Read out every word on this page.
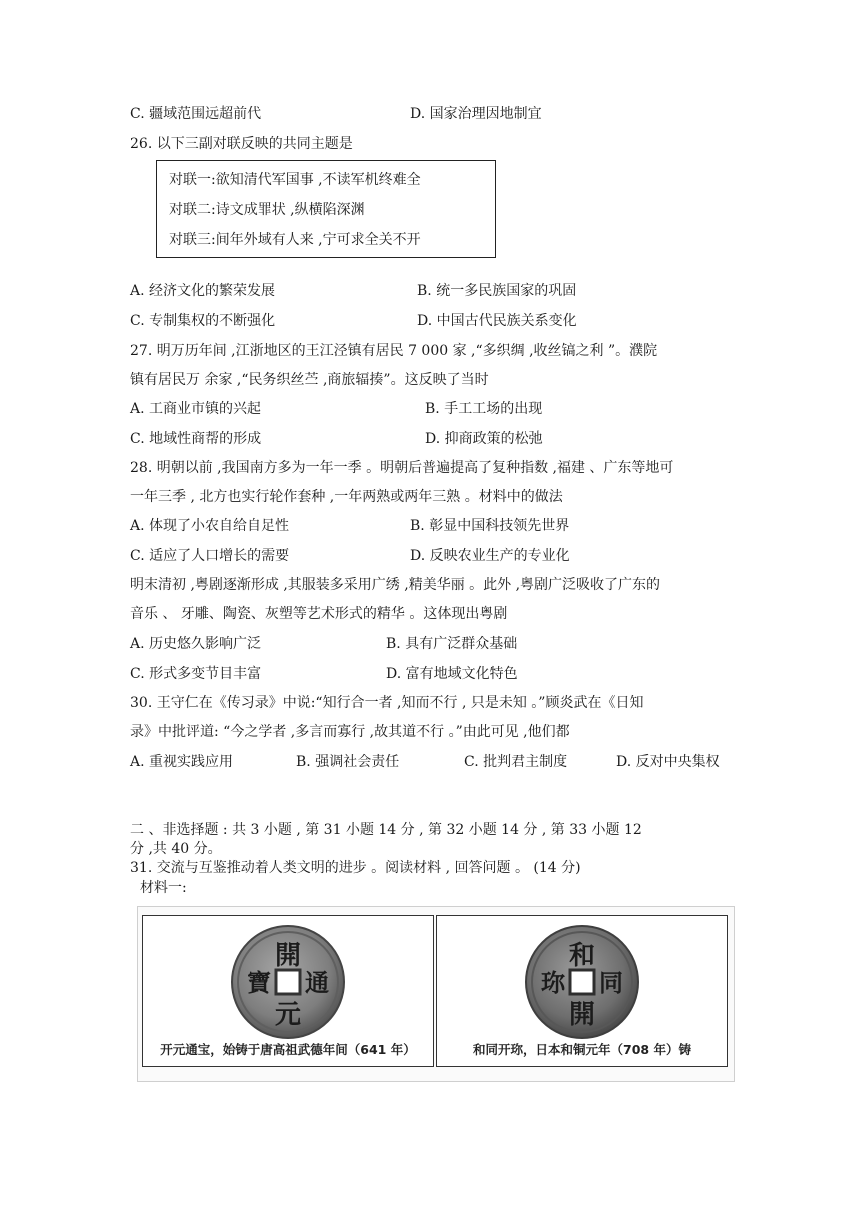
C. 疆域范围远超前代	D. 国家治理因地制宜
26. 以下三副对联反映的共同主题是
对联一:欲知清代军国事 ,不读军机终难全
对联二:诗文成罪状 ,纵横陷深渊
对联三:间年外域有人来 ,宁可求全关不开
A. 经济文化的繁荣发展	B. 统一多民族国家的巩固
C. 专制集权的不断强化	D. 中国古代民族关系变化
27. 明万历年间 ,江浙地区的王江泾镇有居民 7 000 家 ,“多织绸 ,收丝镐之利 ”。濮院
镇有居民万 余家 ,“民务织丝苎 ,商旅辐揍”。这反映了当时
A. 工商业市镇的兴起	B. 手工工场的出现
C. 地域性商帮的形成	D. 抑商政策的松弛
28. 明朝以前 ,我国南方多为一年一季 。明朝后普遍提高了复种指数 ,福建 、广东等地可
一年三季 , 北方也实行轮作套种 ,一年两熟或两年三熟 。材料中的做法
A. 体现了小农自给自足性	B. 彰显中国科技领先世界
C. 适应了人口增长的需要	D. 反映农业生产的专业化
明末清初 ,粤剧逐渐形成 ,其服装多采用广绣 ,精美华丽 。此外 ,粤剧广泛吸收了广东的
音乐 、 牙雕、陶瓷、灰塑等艺术形式的精华 。这体现出粤剧
A. 历史悠久影响广泛	B. 具有广泛群众基础
C. 形式多变节目丰富	D. 富有地域文化特色
30. 王守仁在《传习录》中说:“知行合一者 ,知而不行 , 只是未知 。”顾炎武在《日知
录》中批评道: “今之学者 ,多言而寡行 ,故其道不行 。”由此可见 ,他们都
A. 重视实践应用	B. 强调社会责任	C. 批判君主制度	D. 反对中央集权
二 、非选择题 : 共 3 小题 , 第 31 小题 14 分 , 第 32 小题 14 分 , 第 33 小题 12
分 ,共 40 分。
31. 交流与互鉴推动着人类文明的进步 。阅读材料 , 回答问题 。 (14 分)
材料一:
開
元
通
寶
开元通宝，始铸于唐高祖武德年间（641 年）
和
同
開
珎
和同开珎，日本和铜元年（708 年）铸
